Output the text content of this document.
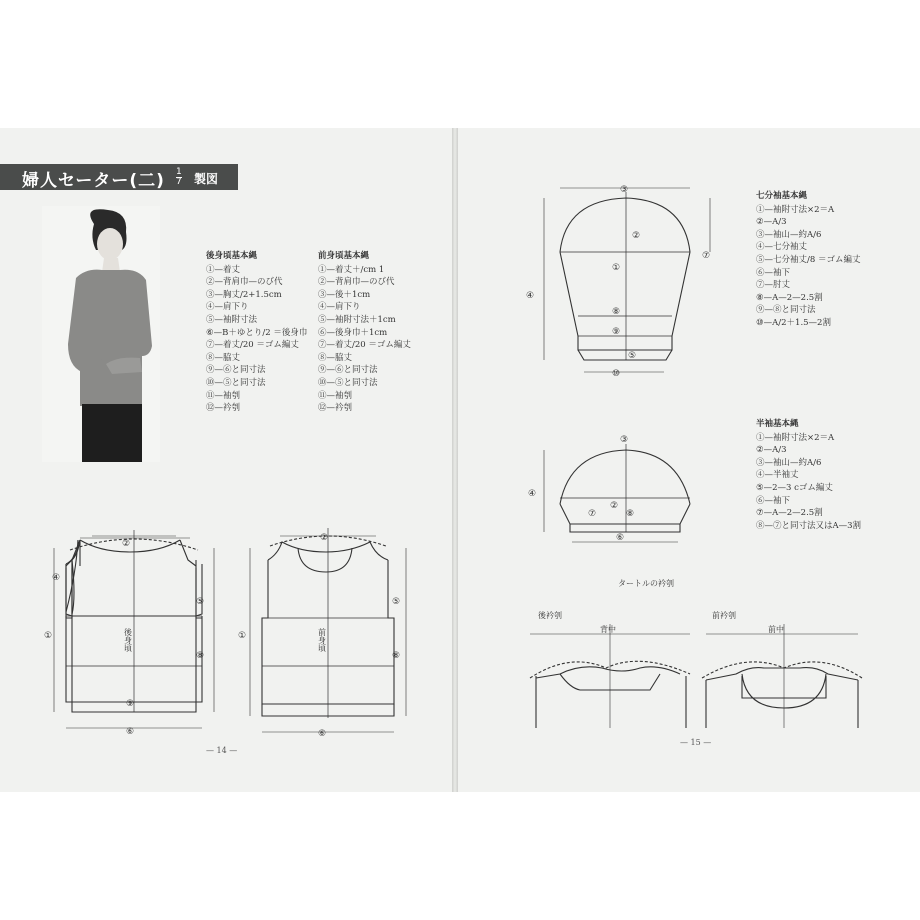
婦人セーター(二) $\frac{1}{7}$ 製図
後身頃基本縄
①—着丈
②—背肩巾—のび代
③—胸丈/2+1.5cm
④—肩下り
⑤—袖附寸法
⑥—B＋ゆとり/2 ＝後身巾
⑦—着丈/20 ＝ゴム編丈
⑧—脇丈
⑨—⑥と同寸法
⑩—⑤と同寸法
⑪—袖刳
⑫—衿刳
前身頃基本縄
①—着丈＋/cm 1
②—背肩巾—のび代
③—後＋1cm
④—肩下り
⑤—袖附寸法＋1cm
⑥—後身巾＋1cm
⑦—着丈/20 ＝ゴム編丈
⑧—脇丈
⑨—⑥と同寸法
⑩—⑤と同寸法
⑪—袖刳
⑫—衿刳
七分袖基本縄
①—袖附寸法×2＝A
②—A/3
③—袖山—約A/6
④—七分袖丈
⑤—七分袖丈/8 ＝ゴム編丈
⑥—袖下
⑦—肘丈
⑧—A—2—2.5割
⑨—⑧と同寸法
⑩—A/2＋1.5—2割
半袖基本縄
①—袖附寸法×2＝A
②—A/3
③—袖山—約A/6
④—半袖丈
⑤—2—3 cゴム編丈
⑥—袖下
⑦—A—2—2.5割
⑧—⑦と同寸法又はA—3割
②
④
①
⑤
⑧
⑨
⑥
②
①
⑤
⑧
⑥
③
②
①
⑧
⑨
⑤
⑩
④
⑦
③
④
②
⑦	⑧
⑥
後身頃	前身頃
タートルの衿刳
後衿刳	前衿刳
背中	前中
— 14 —
— 15 —
